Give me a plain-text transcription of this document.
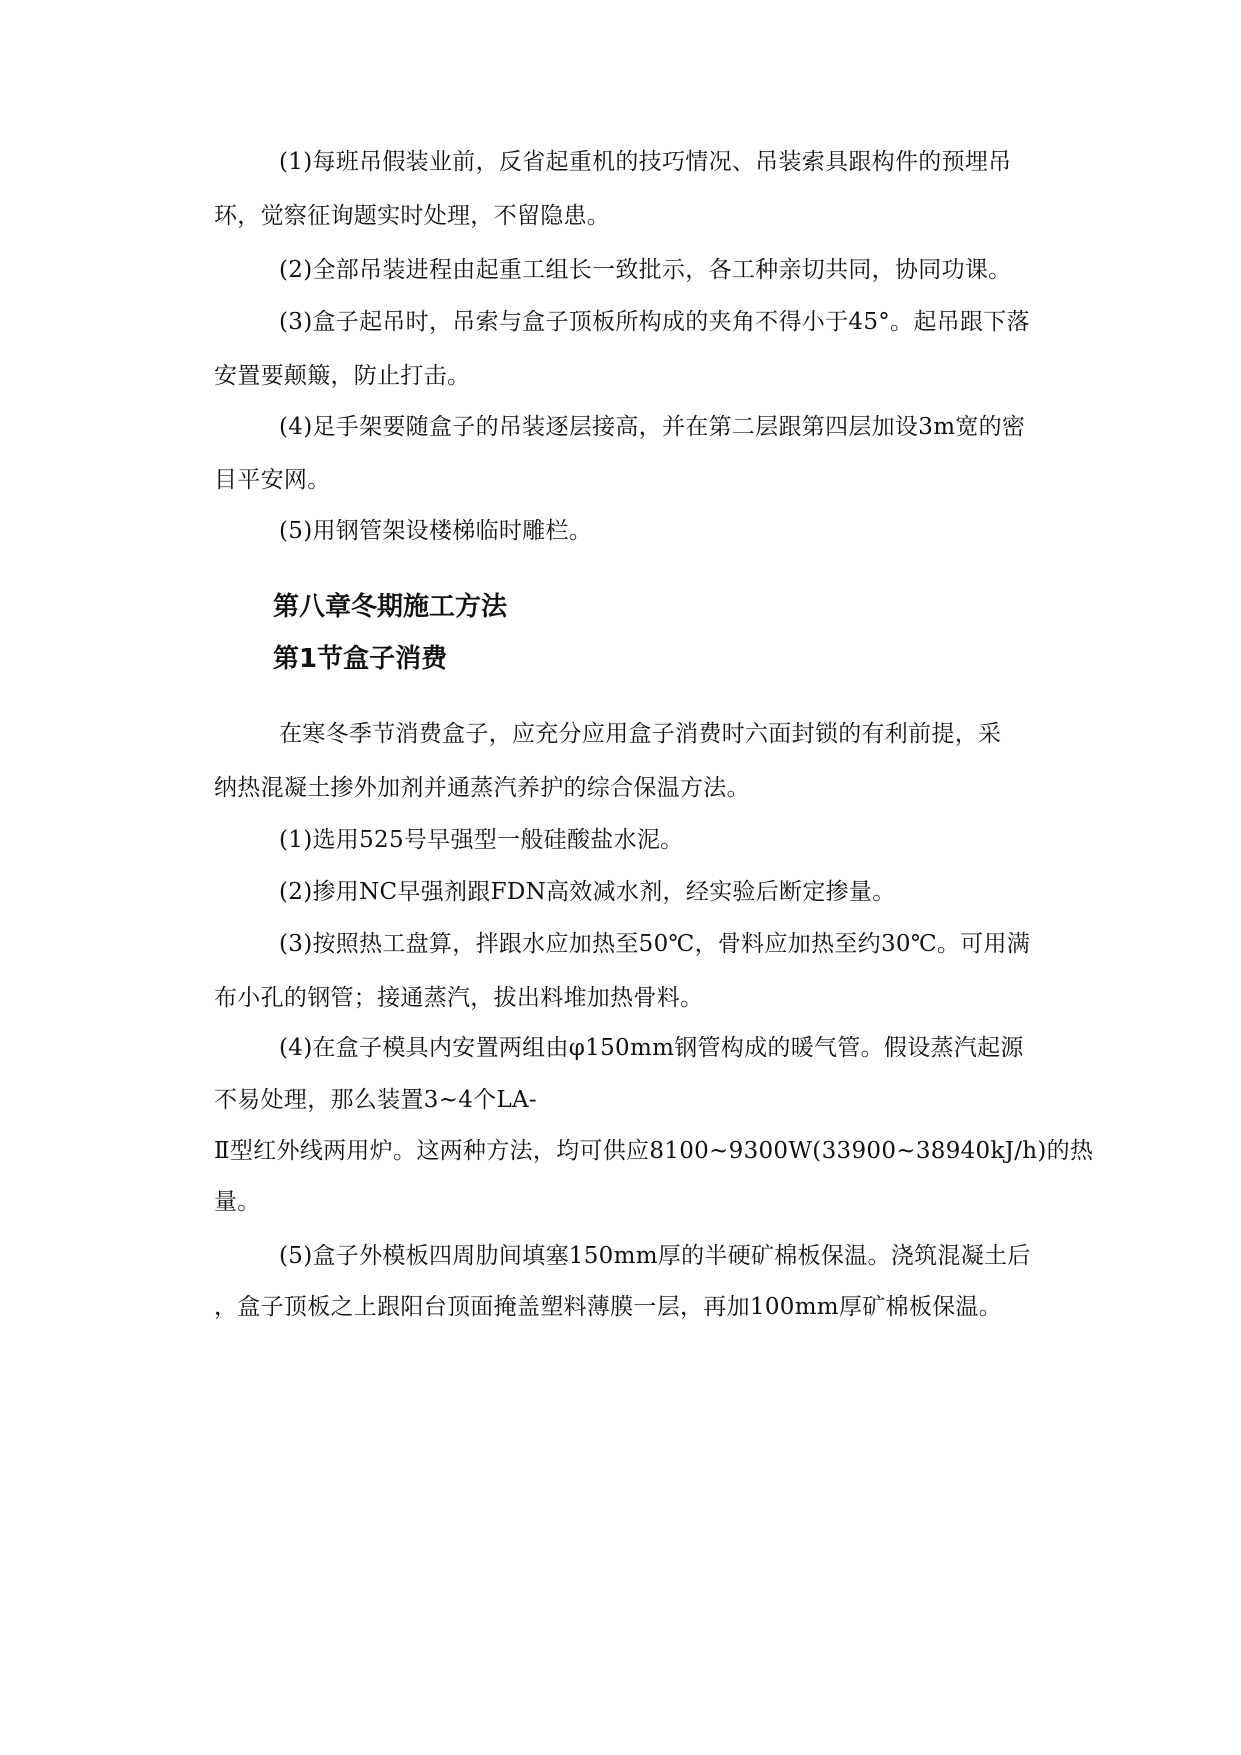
(1)每班吊假装业前，反省起重机的技巧情况、吊装索具跟构件的预埋吊
环，觉察征询题实时处理，不留隐患。
(2)全部吊装进程由起重工组长一致批示，各工种亲切共同，协同功课。
(3)盒子起吊时，吊索与盒子顶板所构成的夹角不得小于45°。起吊跟下落
安置要颠簸，防止打击。
(4)足手架要随盒子的吊装逐层接高，并在第二层跟第四层加设3m宽的密
目平安网。
(5)用钢管架设楼梯临时雕栏。
第八章冬期施工方法
第1节盒子消费
在寒冬季节消费盒子，应充分应用盒子消费时六面封锁的有利前提，采
纳热混凝土掺外加剂并通蒸汽养护的综合保温方法。
(1)选用525号早强型一般硅酸盐水泥。
(2)掺用NC早强剂跟FDN高效减水剂，经实验后断定掺量。
(3)按照热工盘算，拌跟水应加热至50℃，骨料应加热至约30℃。可用满
布小孔的钢管；接通蒸汽，拔出料堆加热骨料。
(4)在盒子模具内安置两组由φ150mm钢管构成的暖气管。假设蒸汽起源
不易处理，那么装置3~4个LA-
Ⅱ型红外线两用炉。这两种方法，均可供应8100~9300W(33900~38940kJ/h)的热
量。
(5)盒子外模板四周肋间填塞150mm厚的半硬矿棉板保温。浇筑混凝土后
，盒子顶板之上跟阳台顶面掩盖塑料薄膜一层，再加100mm厚矿棉板保温。
